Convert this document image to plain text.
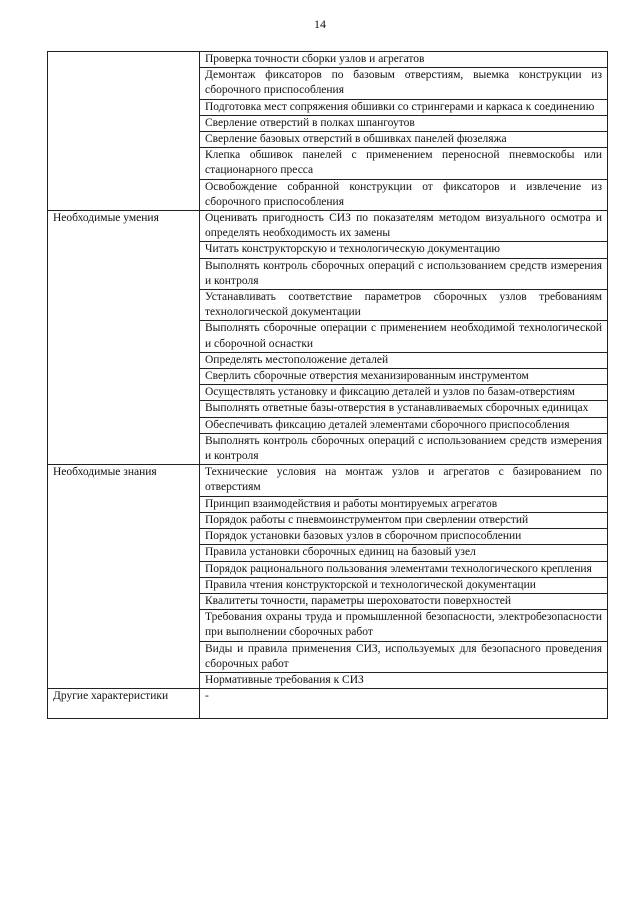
14
	Проверка точности сборки узлов и агрегатов
	Демонтаж фиксаторов по базовым отверстиям, выемка конструкции из сборочного приспособления
	Подготовка мест сопряжения обшивки со стрингерами и каркаса к соединению
	Сверление отверстий в полках шпангоутов
	Сверление базовых отверстий в обшивках панелей фюзеляжа
	Клепка обшивок панелей с применением переносной пневмоскобы или стационарного пресса
	Освобождение собранной конструкции от фиксаторов и извлечение из сборочного приспособления
Необходимые умения	Оценивать пригодность СИЗ по показателям методом визуального осмотра и определять необходимость их замены
	Читать конструкторскую и технологическую документацию
	Выполнять контроль сборочных операций с использованием средств измерения и контроля
	Устанавливать соответствие параметров сборочных узлов требованиям технологической документации
	Выполнять сборочные операции с применением необходимой технологической и сборочной оснастки
	Определять местоположение деталей
	Сверлить сборочные отверстия механизированным инструментом
	Осуществлять установку и фиксацию деталей и узлов по базам-отверстиям
	Выполнять ответные базы-отверстия в устанавливаемых сборочных единицах
	Обеспечивать фиксацию деталей элементами сборочного приспособления
	Выполнять контроль сборочных операций с использованием средств измерения и контроля
Необходимые знания	Технические условия на монтаж узлов и агрегатов с базированием по отверстиям
	Принцип взаимодействия и работы монтируемых агрегатов
	Порядок работы с пневмоинструментом при сверлении отверстий
	Порядок установки базовых узлов в сборочном приспособлении
	Правила установки сборочных единиц на базовый узел
	Порядок рационального пользования элементами технологического крепления
	Правила чтения конструкторской и технологической документации
	Квалитеты точности, параметры шероховатости поверхностей
	Требования охраны труда и промышленной безопасности, электробезопасности при выполнении сборочных работ
	Виды и правила применения СИЗ, используемых для безопасного проведения сборочных работ
	Нормативные требования к СИЗ
Другие характеристики	-
